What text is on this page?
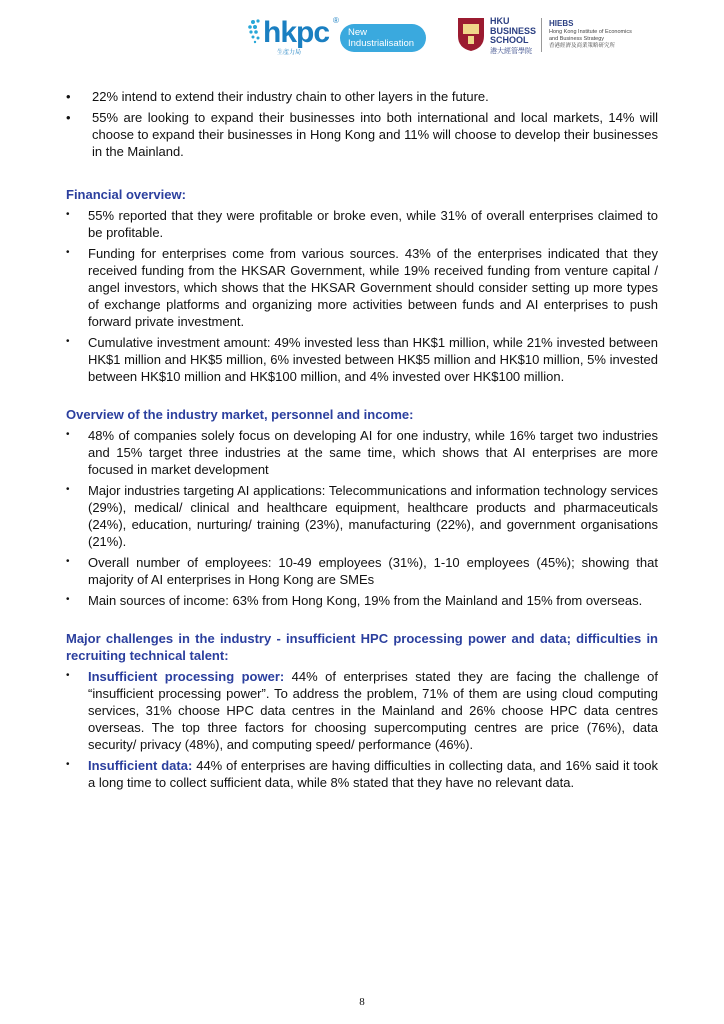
hkpc ®
生產力局
New
Industrialisation
HKU
BUSINESS
SCHOOL
港大經管學院
HIEBS
Hong Kong Institute of Economics
and Business Strategy
香港經濟及商業策略研究所
• 22% intend to extend their industry chain to other layers in the future.
• 55% are looking to expand their businesses into both international and local markets, 14% will choose to expand their businesses in Hong Kong and 11% will choose to develop their businesses in the Mainland.

Financial overview:

• 55% reported that they were profitable or broke even, while 31% of overall enterprises claimed to be profitable.
• Funding for enterprises come from various sources. 43% of the enterprises indicated that they received funding from the HKSAR Government, while 19% received funding from venture capital / angel investors, which shows that the HKSAR Government should consider setting up more types of exchange platforms and organizing more activities between funds and AI enterprises to push forward private investment.
• Cumulative investment amount: 49% invested less than HK$1 million, while 21% invested between HK$1 million and HK$5 million, 6% invested between HK$5 million and HK$10 million, 5% invested between HK$10 million and HK$100 million, and 4% invested over HK$100 million.

Overview of the industry market, personnel and income:

• 48% of companies solely focus on developing AI for one industry, while 16% target two industries and 15% target three industries at the same time, which shows that AI enterprises are more focused in market development
• Major industries targeting AI applications: Telecommunications and information technology services (29%), medical/ clinical and healthcare equipment, healthcare products and pharmaceuticals (24%), education, nurturing/ training (23%), manufacturing (22%), and government organisations (21%).
• Overall number of employees: 10-49 employees (31%), 1-10 employees (45%); showing that majority of AI enterprises in Hong Kong are SMEs
• Main sources of income: 63% from Hong Kong, 19% from the Mainland and 15% from overseas.

Major challenges in the industry - insufficient HPC processing power and data; difficulties in recruiting technical talent:

• Insufficient processing power: 44% of enterprises stated they are facing the challenge of “insufficient processing power”. To address the problem, 71% of them are using cloud computing services, 31% choose HPC data centres in the Mainland and 26% choose HPC data centres overseas. The top three factors for choosing supercomputing centres are price (76%), data security/ privacy (48%), and computing speed/ performance (46%).
• Insufficient data: 44% of enterprises are having difficulties in collecting data, and 16% said it took a long time to collect sufficient data, while 8% stated that they have no relevant data.
8
